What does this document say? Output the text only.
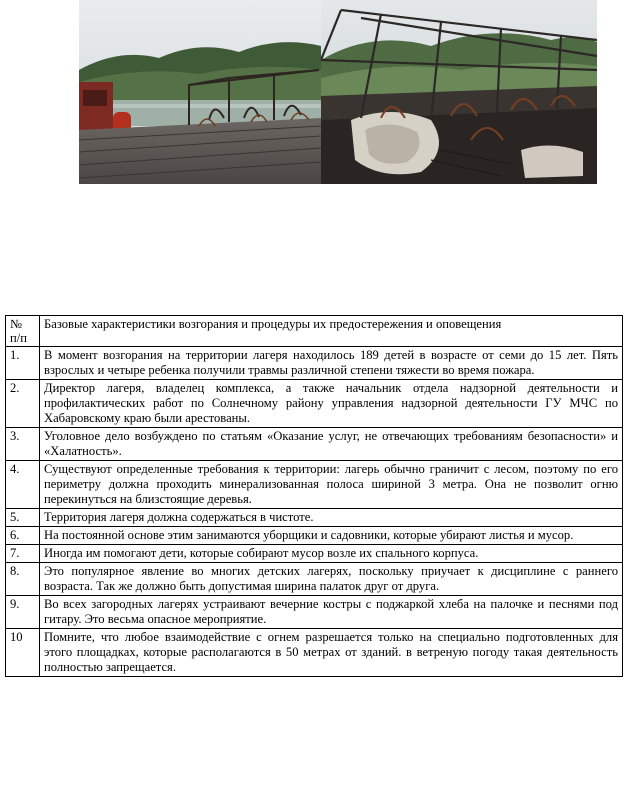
№ п/п	Базовые характеристики возгорания и процедуры их предостережения и оповещения
1.	В момент возгорания на территории лагеря находилось 189 детей в возрасте от семи до 15 лет. Пять взрослых и четыре ребенка получили травмы различной степени тяжести во время пожара.
2.	Директор лагеря, владелец комплекса, а также начальник отдела надзорной деятельности и профилактических работ по Солнечному району управления надзорной деятельности ГУ МЧС по Хабаровскому краю были арестованы.
3.	Уголовное дело возбуждено по статьям «Оказание услуг, не отвечающих требованиям безопасности» и «Халатность».
4.	Существуют определенные требования к территории: лагерь обычно граничит с лесом, поэтому по его периметру должна проходить минерализованная полоса шириной 3 метра. Она не позволит огню перекинуться на близстоящие деревья.
5.	Территория лагеря должна содержаться в чистоте.
6.	На постоянной основе этим занимаются уборщики и садовники, которые убирают листья и мусор.
7.	Иногда им помогают дети, которые собирают мусор возле их спального корпуса.
8.	Это популярное явление во многих детских лагерях, поскольку приучает к дисциплине с раннего возраста. Так же должно быть допустимая ширина палаток друг от друга.
9.	Во всех загородных лагерях устраивают вечерние костры с поджаркой хлеба на палочке и песнями под гитару. Это весьма опасное мероприятие.
10	Помните, что любое взаимодействие с огнем разрешается только на специально подготовленных для этого площадках, которые располагаются в 50 метрах от зданий. в ветреную погоду такая деятельность полностью запрещается.
